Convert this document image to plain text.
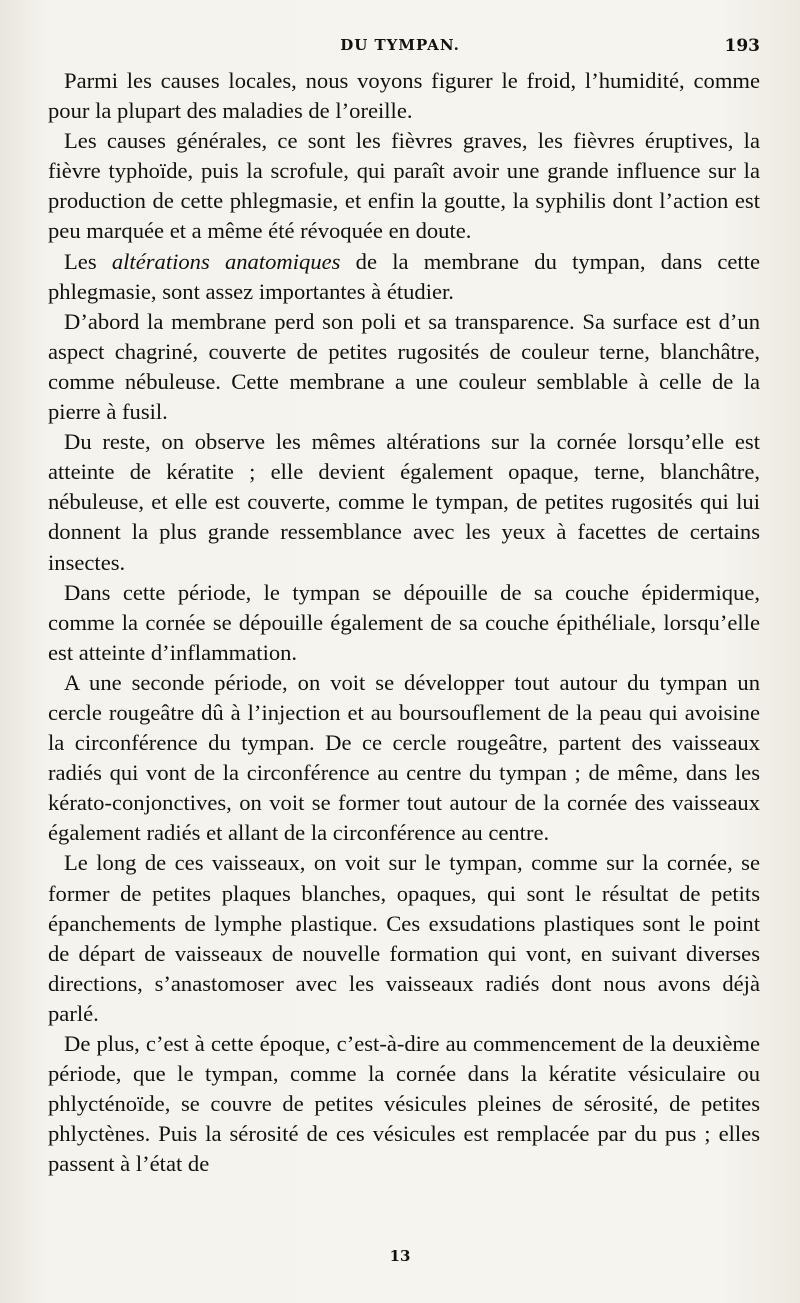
DU TYMPAN.	193

Parmi les causes locales, nous voyons figurer le froid, l’humidité, comme pour la plupart des maladies de l’oreille.

Les causes générales, ce sont les fièvres graves, les fièvres éruptives, la fièvre typhoïde, puis la scrofule, qui paraît avoir une grande influence sur la production de cette phlegmasie, et enfin la goutte, la syphilis dont l’action est peu marquée et a même été révoquée en doute.

Les altérations anatomiques de la membrane du tympan, dans cette phlegmasie, sont assez importantes à étudier.

D’abord la membrane perd son poli et sa transparence. Sa surface est d’un aspect chagriné, couverte de petites rugosités de couleur terne, blanchâtre, comme nébuleuse. Cette membrane a une couleur semblable à celle de la pierre à fusil.

Du reste, on observe les mêmes altérations sur la cornée lorsqu’elle est atteinte de kératite ; elle devient également opaque, terne, blanchâtre, nébuleuse, et elle est couverte, comme le tympan, de petites rugosités qui lui donnent la plus grande ressemblance avec les yeux à facettes de certains insectes.

Dans cette période, le tympan se dépouille de sa couche épidermique, comme la cornée se dépouille également de sa couche épithéliale, lorsqu’elle est atteinte d’inflammation.

A une seconde période, on voit se développer tout autour du tympan un cercle rougeâtre dû à l’injection et au boursouflement de la peau qui avoisine la circonférence du tympan. De ce cercle rougeâtre, partent des vaisseaux radiés qui vont de la circonférence au centre du tympan ; de même, dans les kérato-conjonctives, on voit se former tout autour de la cornée des vaisseaux également radiés et allant de la circonférence au centre.

Le long de ces vaisseaux, on voit sur le tympan, comme sur la cornée, se former de petites plaques blanches, opaques, qui sont le résultat de petits épanchements de lymphe plastique. Ces exsudations plastiques sont le point de départ de vaisseaux de nouvelle formation qui vont, en suivant diverses directions, s’anastomoser avec les vaisseaux radiés dont nous avons déjà parlé.

De plus, c’est à cette époque, c’est-à-dire au commencement de la deuxième période, que le tympan, comme la cornée dans la kératite vésiculaire ou phlycténoïde, se couvre de petites vésicules pleines de sérosité, de petites phlyctènes. Puis la sérosité de ces vésicules est remplacée par du pus ; elles passent à l’état de

13
